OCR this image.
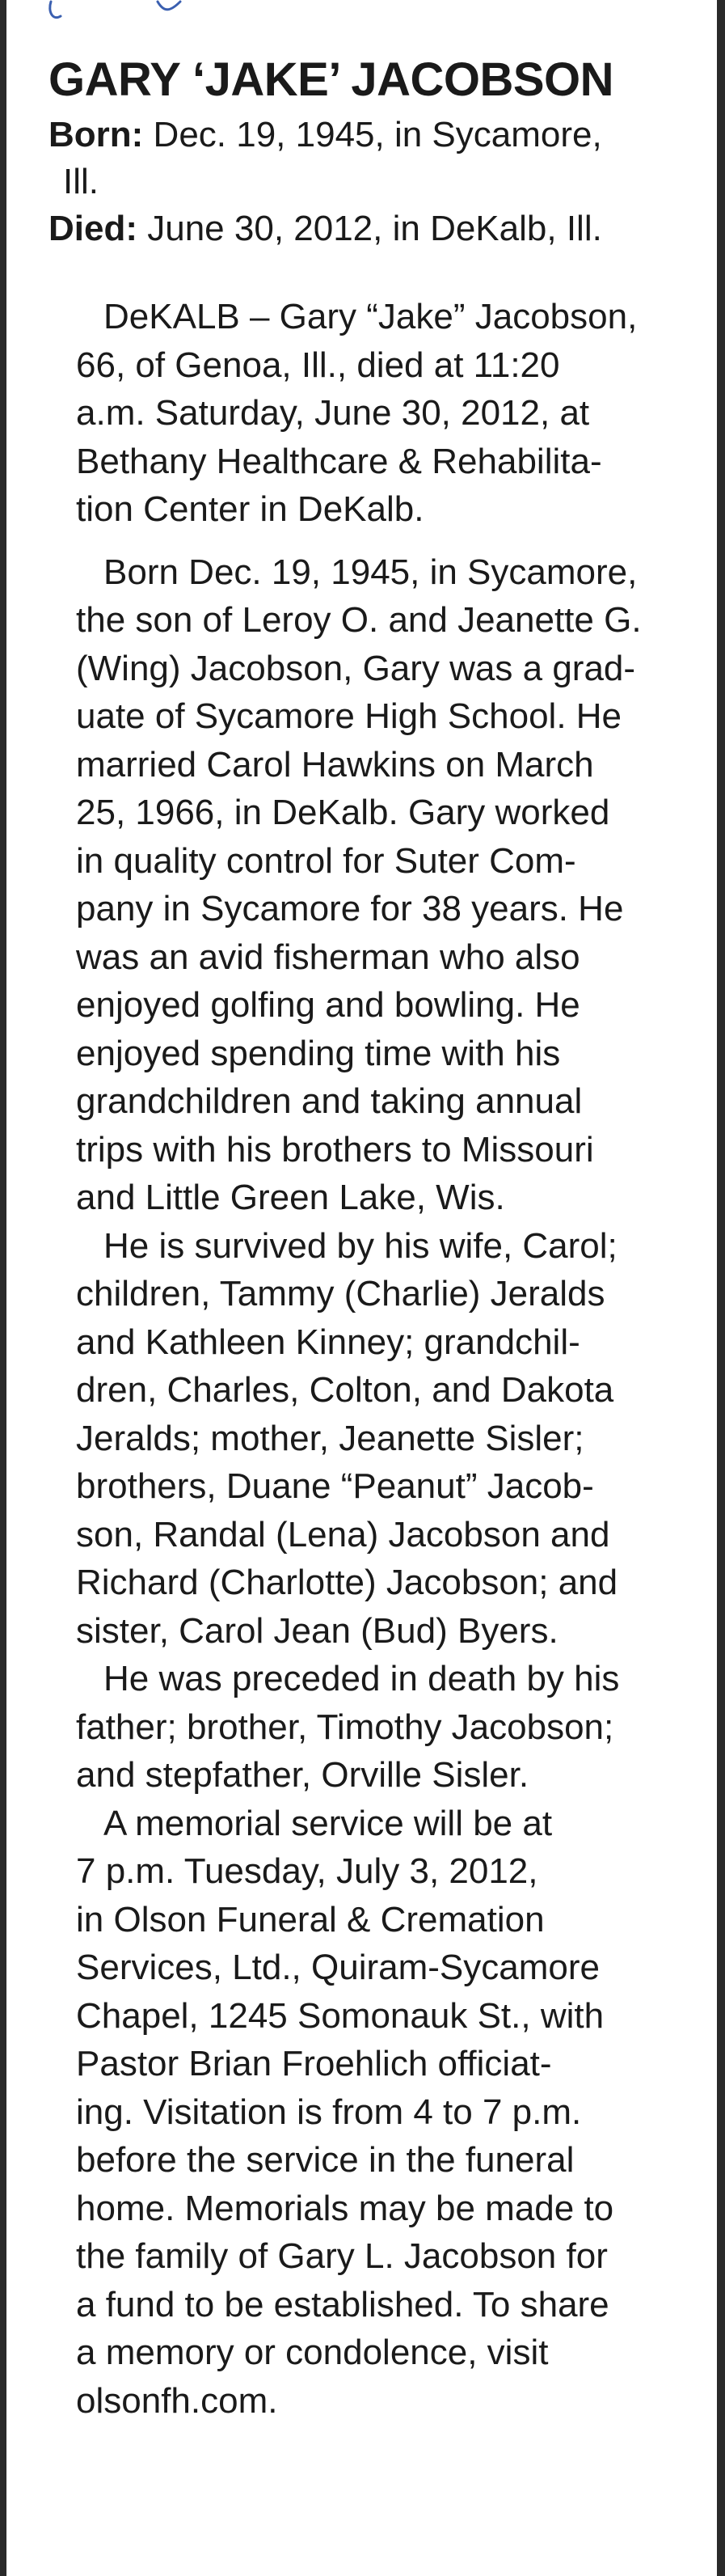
GARY ‘JAKE’ JACOBSON

Born: Dec. 19, 1945, in Sycamore,
Ill.

Died: June 30, 2012, in DeKalb, Ill.

DeKALB – Gary “Jake” Jacobson,
66, of Genoa, Ill., died at 11:20
a.m. Saturday, June 30, 2012, at
Bethany Healthcare & Rehabilita-
tion Center in DeKalb.
Born Dec. 19, 1945, in Sycamore,
the son of Leroy O. and Jeanette G.
(Wing) Jacobson, Gary was a grad-
uate of Sycamore High School. He
married Carol Hawkins on March
25, 1966, in DeKalb. Gary worked
in quality control for Suter Com-
pany in Sycamore for 38 years. He
was an avid fisherman who also
enjoyed golfing and bowling. He
enjoyed spending time with his
grandchildren and taking annual
trips with his brothers to Missouri
and Little Green Lake, Wis.
He is survived by his wife, Carol;
children, Tammy (Charlie) Jeralds
and Kathleen Kinney; grandchil-
dren, Charles, Colton, and Dakota
Jeralds; mother, Jeanette Sisler;
brothers, Duane “Peanut” Jacob-
son, Randal (Lena) Jacobson and
Richard (Charlotte) Jacobson; and
sister, Carol Jean (Bud) Byers.
He was preceded in death by his
father; brother, Timothy Jacobson;
and stepfather, Orville Sisler.
A memorial service will be at
7 p.m. Tuesday, July 3, 2012,
in Olson Funeral & Cremation
Services, Ltd., Quiram-Sycamore
Chapel, 1245 Somonauk St., with
Pastor Brian Froehlich officiat-
ing. Visitation is from 4 to 7 p.m.
before the service in the funeral
home. Memorials may be made to
the family of Gary L. Jacobson for
a fund to be established. To share
a memory or condolence, visit
olsonfh.com.
